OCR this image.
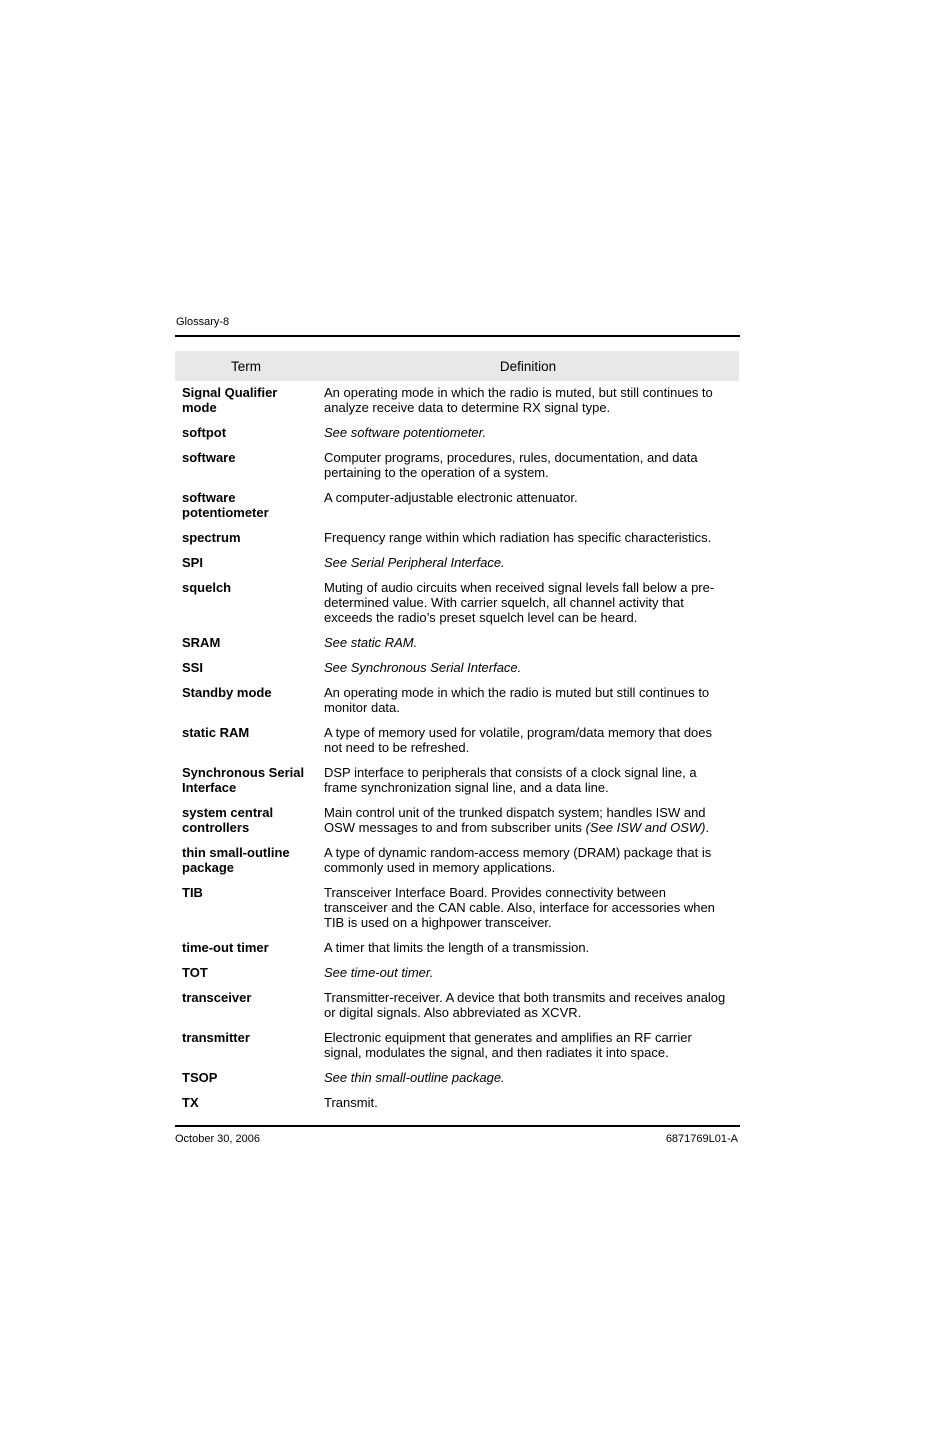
Glossary-8
Term	Definition
Signal Qualifier mode	An operating mode in which the radio is muted, but still continues to analyze receive data to determine RX signal type.
softpot	See software potentiometer.
software	Computer programs, procedures, rules, documentation, and data pertaining to the operation of a system.
software potentiometer	A computer-adjustable electronic attenuator.
spectrum	Frequency range within which radiation has specific characteristics.
SPI	See Serial Peripheral Interface.
squelch	Muting of audio circuits when received signal levels fall below a pre-determined value. With carrier squelch, all channel activity that exceeds the radio’s preset squelch level can be heard.
SRAM	See static RAM.
SSI	See Synchronous Serial Interface.
Standby mode	An operating mode in which the radio is muted but still continues to monitor data.
static RAM	A type of memory used for volatile, program/data memory that does not need to be refreshed.
Synchronous Serial Interface	DSP interface to peripherals that consists of a clock signal line, a frame synchronization signal line, and a data line.
system central controllers	Main control unit of the trunked dispatch system; handles ISW and OSW messages to and from subscriber units (See ISW and OSW).
thin small-outline package	A type of dynamic random-access memory (DRAM) package that is commonly used in memory applications.
TIB	Transceiver Interface Board. Provides connectivity between transceiver and the CAN cable. Also, interface for accessories when TIB is used on a highpower transceiver.
time-out timer	A timer that limits the length of a transmission.
TOT	See time-out timer.
transceiver	Transmitter-receiver. A device that both transmits and receives analog or digital signals. Also abbreviated as XCVR.
transmitter	Electronic equipment that generates and amplifies an RF carrier signal, modulates the signal, and then radiates it into space.
TSOP	See thin small-outline package.
TX	Transmit.
October 30, 2006	6871769L01-A
